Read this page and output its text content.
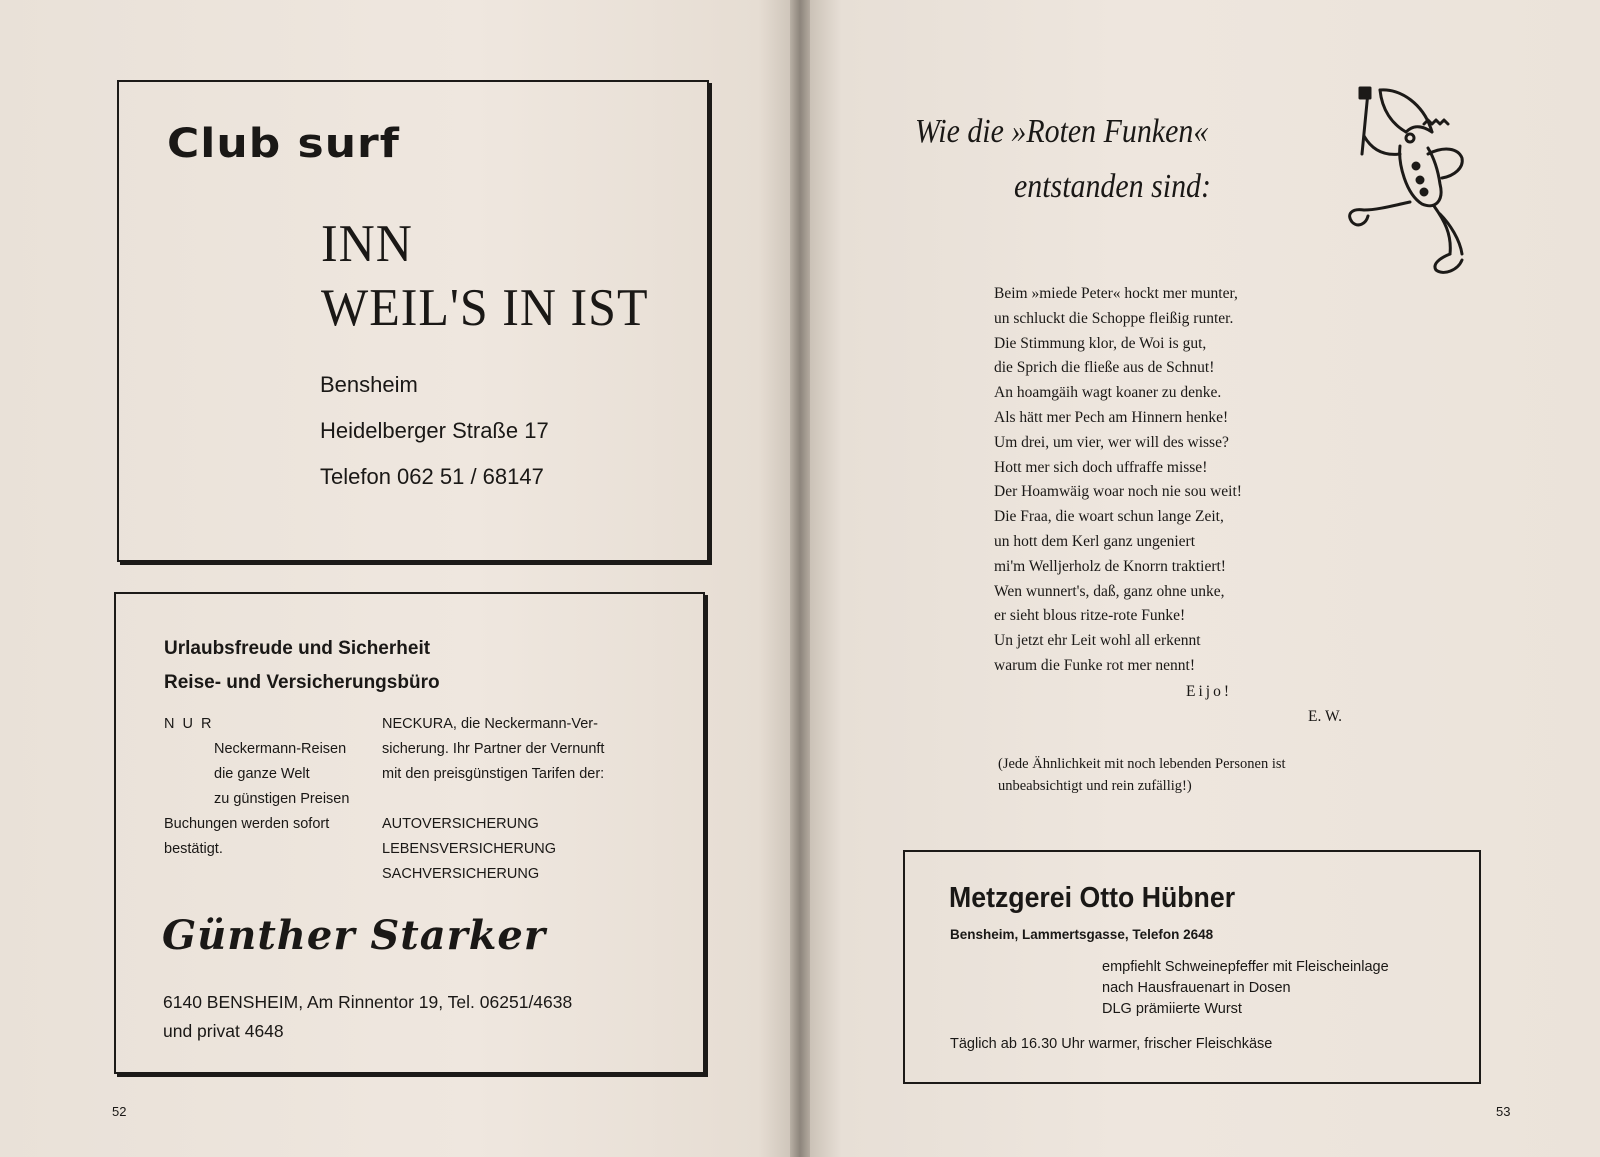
Club surf
INN
WEIL'S IN IST
Bensheim
Heidelberger Straße 17
Telefon 062 51 / 68147
Urlaubsfreude und Sicherheit
Reise- und Versicherungsbüro
N U R
Neckermann-Reisen
die ganze Welt
zu günstigen Preisen
Buchungen werden sofort
bestätigt.
NECKURA, die Neckermann-Ver-
sicherung. Ihr Partner der Vernunft
mit den preisgünstigen Tarifen der:
AUTOVERSICHERUNG
LEBENSVERSICHERUNG
SACHVERSICHERUNG
Günther Starker
6140 BENSHEIM, Am Rinnentor 19, Tel. 06251/4638
und privat 4648
52
Wie die »Roten Funken«
entstanden sind:
Beim »miede Peter« hockt mer munter,
un schluckt die Schoppe fleißig runter.
Die Stimmung klor, de Woi is gut,
die Sprich die fließe aus de Schnut!
An hoamgäih wagt koaner zu denke.
Als hätt mer Pech am Hinnern henke!
Um drei, um vier, wer will des wisse?
Hott mer sich doch uffraffe misse!
Der Hoamwäig woar noch nie sou weit!
Die Fraa, die woart schun lange Zeit,
un hott dem Kerl ganz ungeniert
mi'm Welljerholz de Knorrn traktiert!
Wen wunnert's, daß, ganz ohne unke,
er sieht blous ritze-rote Funke!
Un jetzt ehr Leit wohl all erkennt
warum die Funke rot mer nennt!
Eijo!
E. W.
(Jede Ähnlichkeit mit noch lebenden Personen ist
unbeabsichtigt und rein zufällig!)
Metzgerei Otto Hübner
Bensheim, Lammertsgasse, Telefon 2648
empfiehlt Schweinepfeffer mit Fleischeinlage
nach Hausfrauenart in Dosen
DLG prämiierte Wurst
Täglich ab 16.30 Uhr warmer, frischer Fleischkäse
53
